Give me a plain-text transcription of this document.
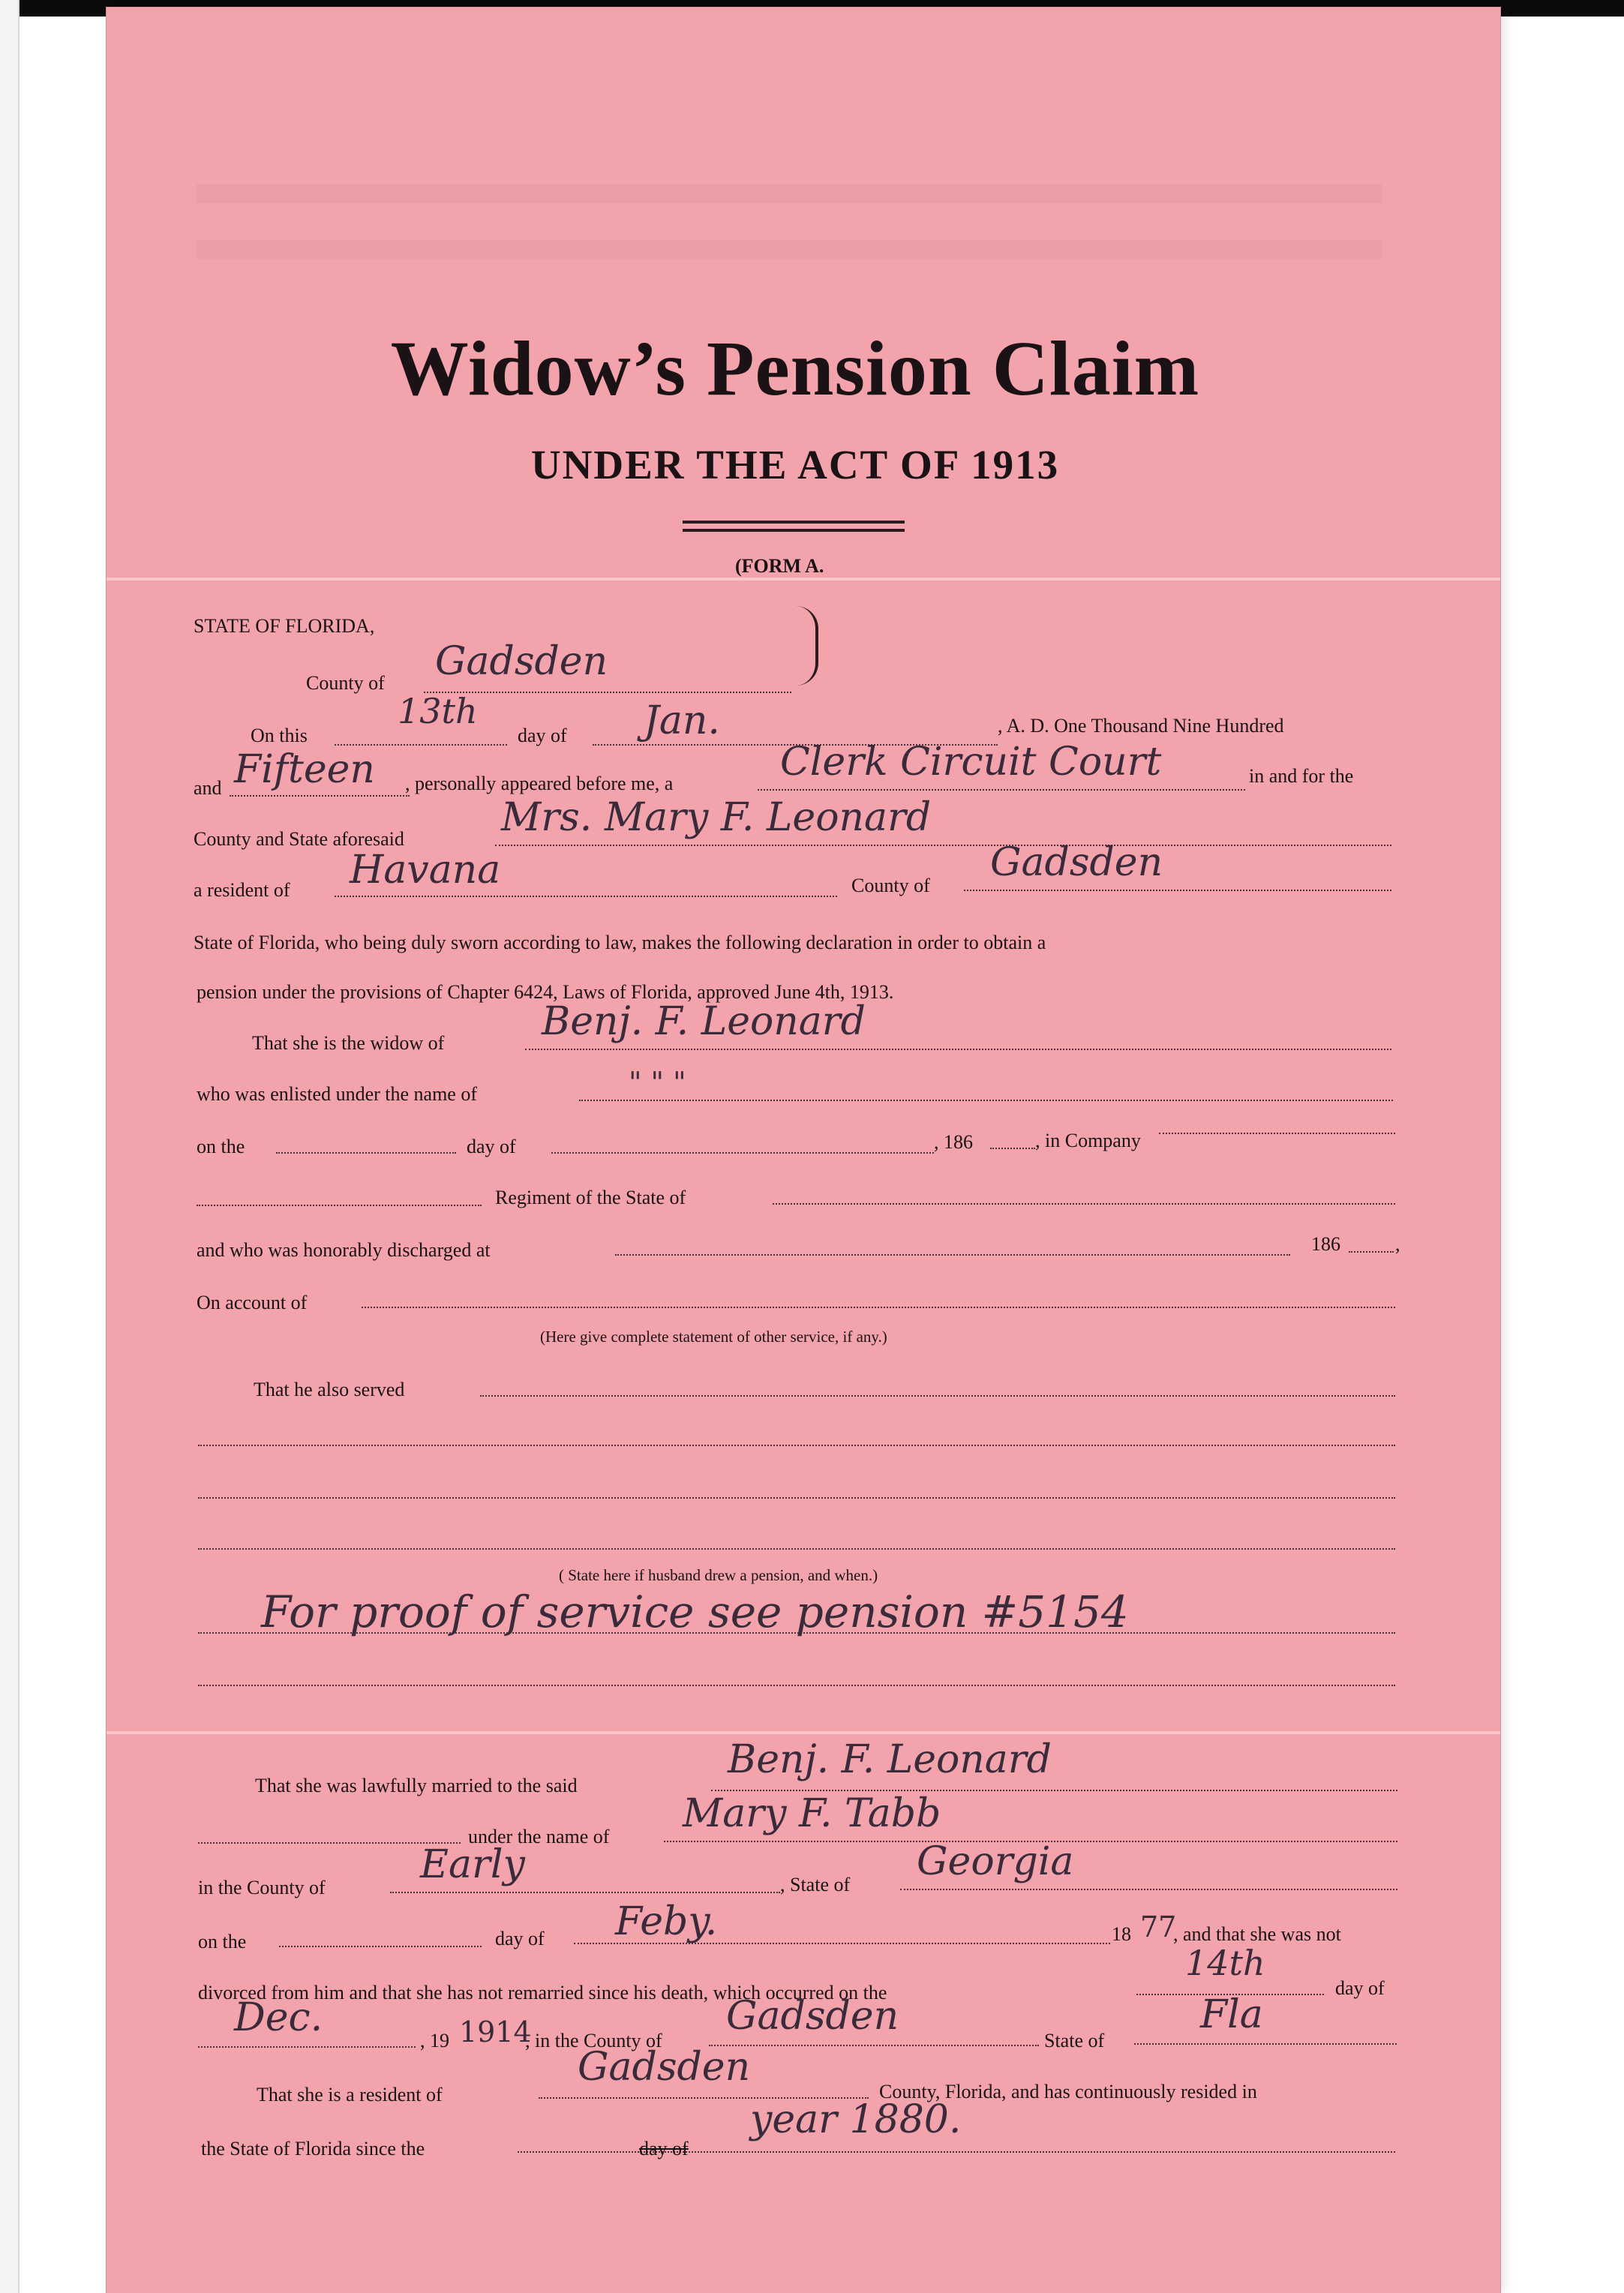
Widow’s Pension Claim
UNDER THE ACT OF 1913
(FORM A.
STATE OF FLORIDA,
County of Gadsden
On this
13th
day of Jan.	, A. D. One Thousand Nine Hundred
and Fifteen , personally appeared before me, a	Clerk Circuit Court	in and for the
County and State aforesaid Mrs. Mary F. Leonard
a resident of Havana	County of
Gadsden
State of Florida, who being duly sworn according to law, makes the following declaration in order to obtain a
pension under the provisions of Chapter 6424, Laws of Florida, approved June 4th, 1913.
That she is the widow of Benj. F. Leonard
who was enlisted under the name of	" " "
on the	day of	, 186	, in Company
Regiment of the State of
and who was honorably discharged at	186	,
On account of
(Here give complete statement of other service, if any.)
That he also served
( State here if husband drew a pension, and when.)
For proof of service see pension #5154
That she was lawfully married to the said
Benj. F. Leonard
under the name of
Mary F. Tabb
in the County of
Early	, State of
Georgia
on the	day of Feby.	18 77
, and that she was not
divorced from him and that she has not remarried since his death, which occurred on the
14th
day of
Dec.
, 19 1914
, in the County of
Gadsden
State of
Fla
That she is a resident of
Gadsden
County, Florida, and has continuously resided in
the State of Florida since the	day of
year 1880.
